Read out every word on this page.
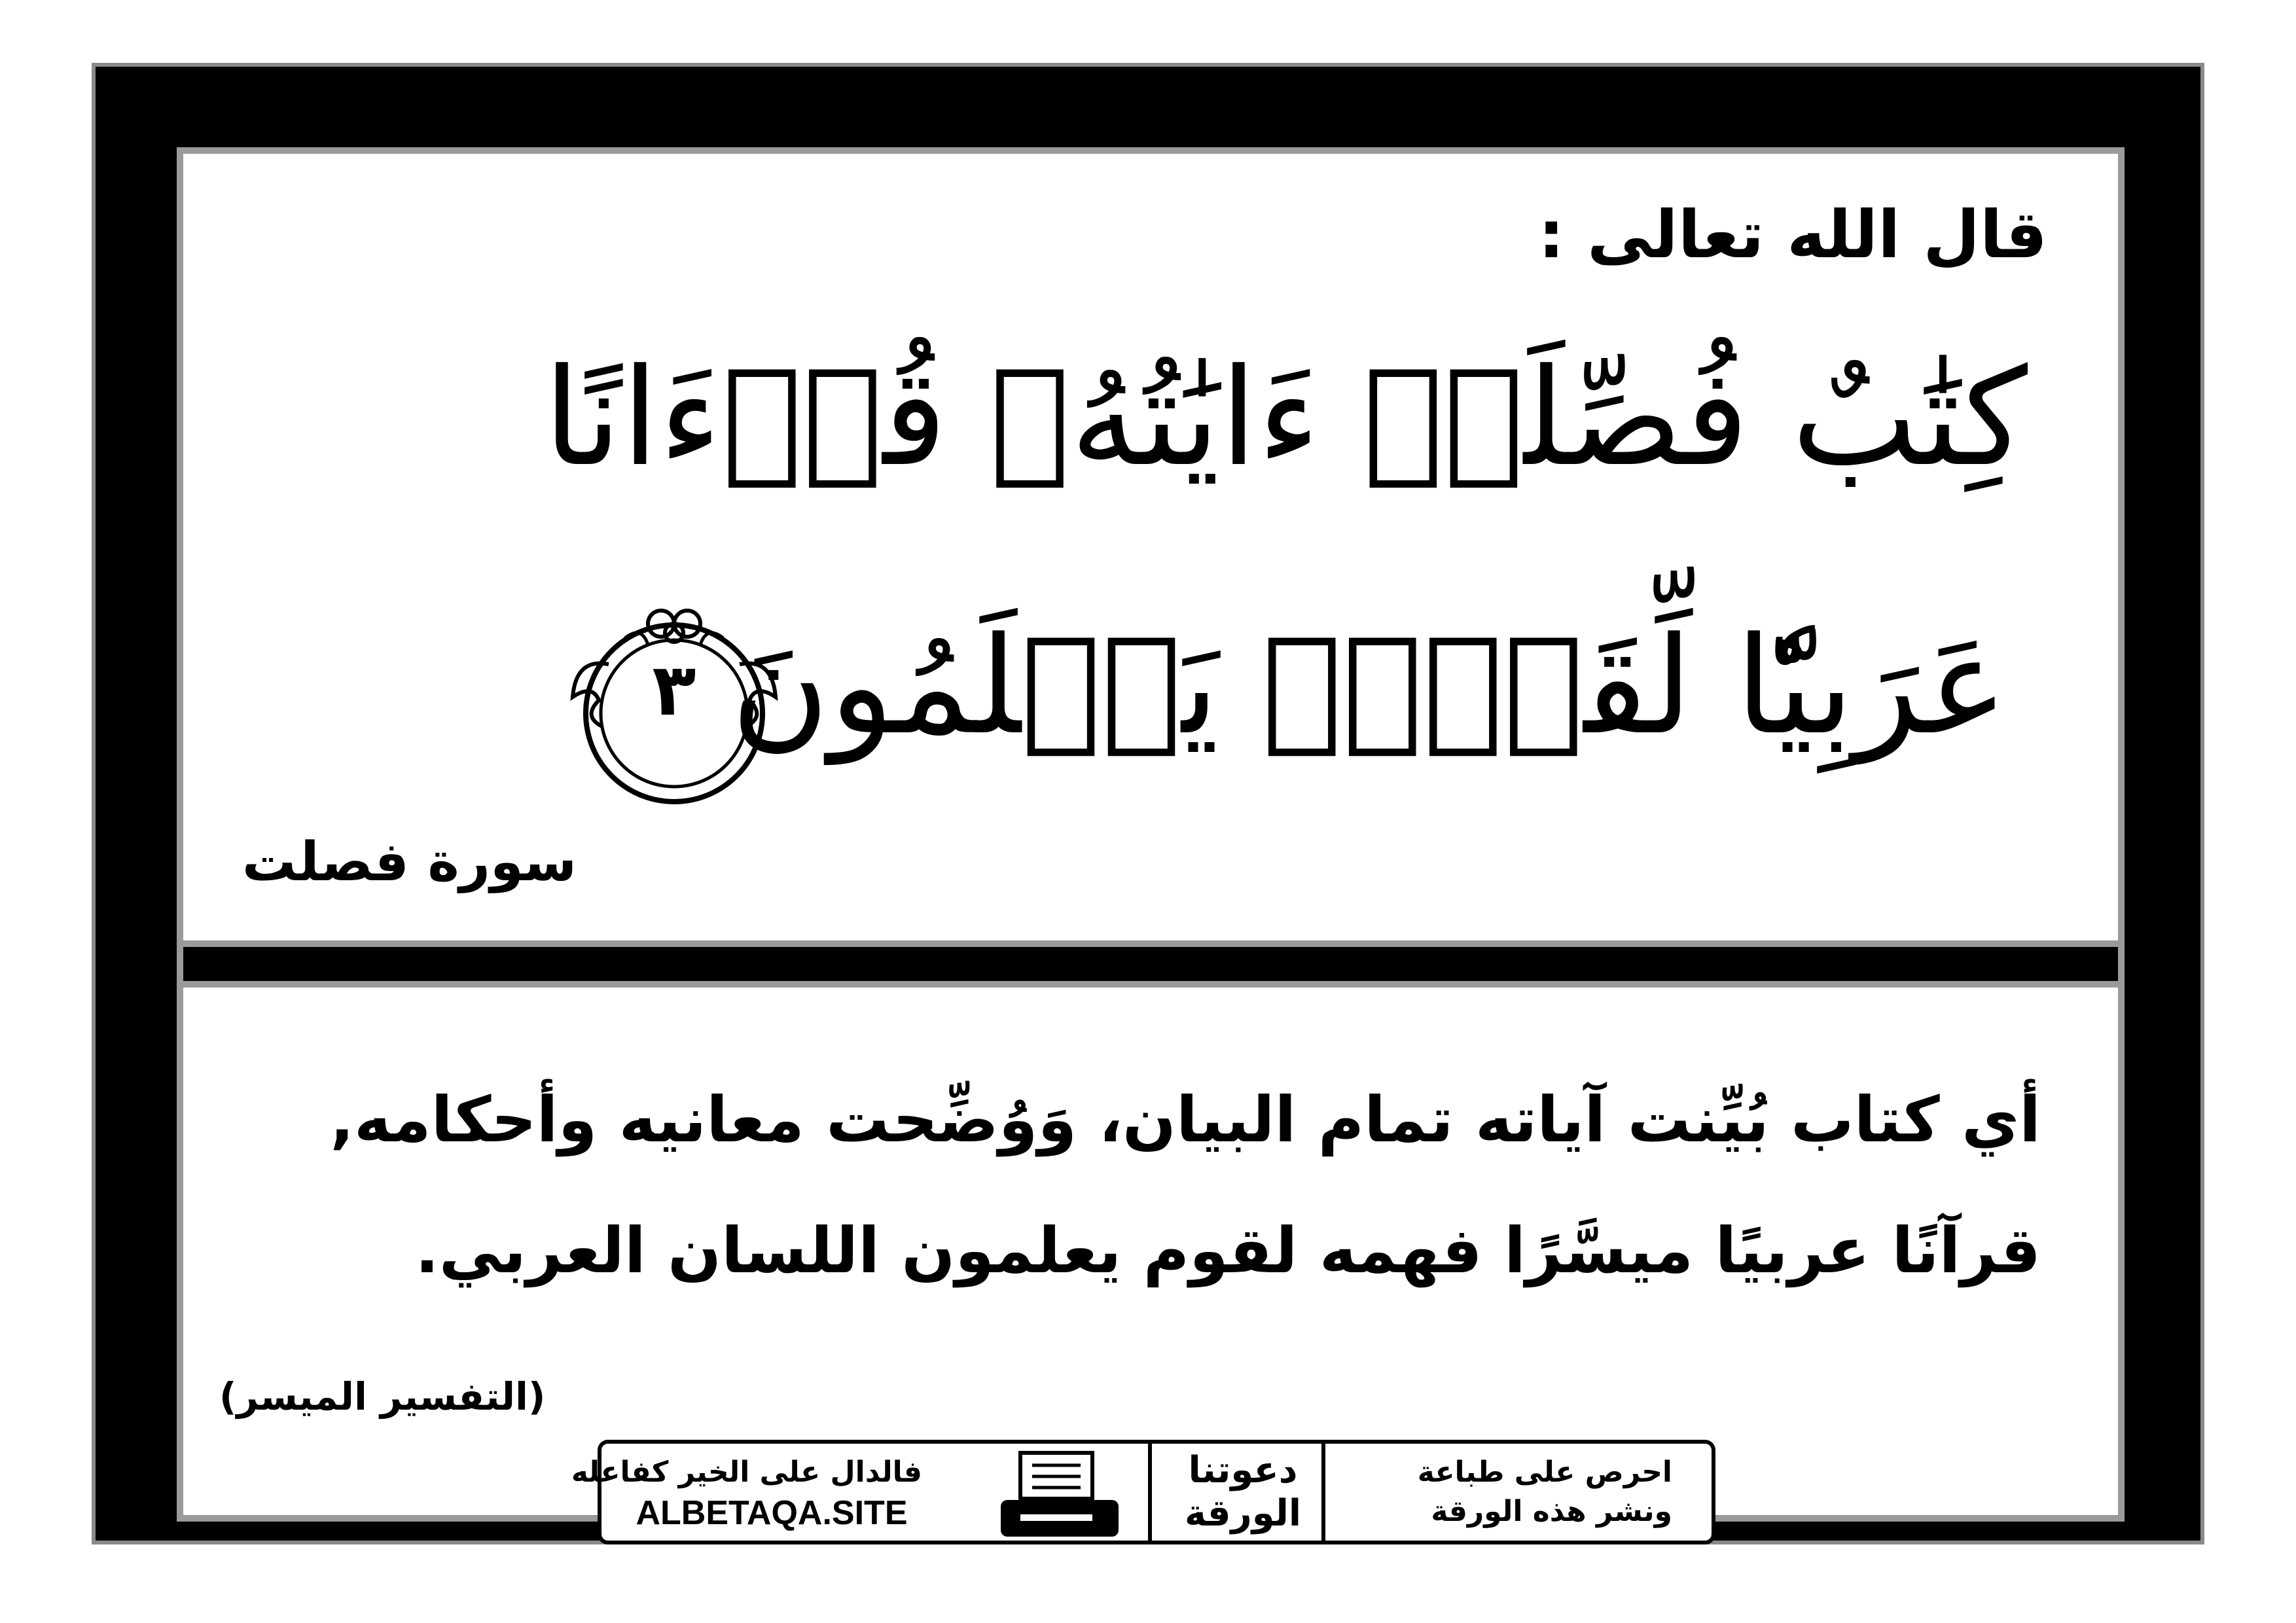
قال الله تعالى :
كِتَٰبٌ فُصِّلَتۡ ءَايَٰتُهُۥ قُرۡءَانًا
عَرَبِيّٗا لِّقَوۡمٖ يَعۡلَمُونَ
٣
سورة فصلت
أي كتاب بُيِّنت آياته تمام البيان، وَوُضِّحت معانيه وأحكامه,
قرآنًا عربيًا ميسَّرًا فهمه لقوم يعلمون اللسان العربي.
(التفسير الميسر)
فالدال على الخير كفاعله
ALBETAQA.SITE
دعوتنا
الورقة
احرص على طباعة
ونشر هذه الورقة
